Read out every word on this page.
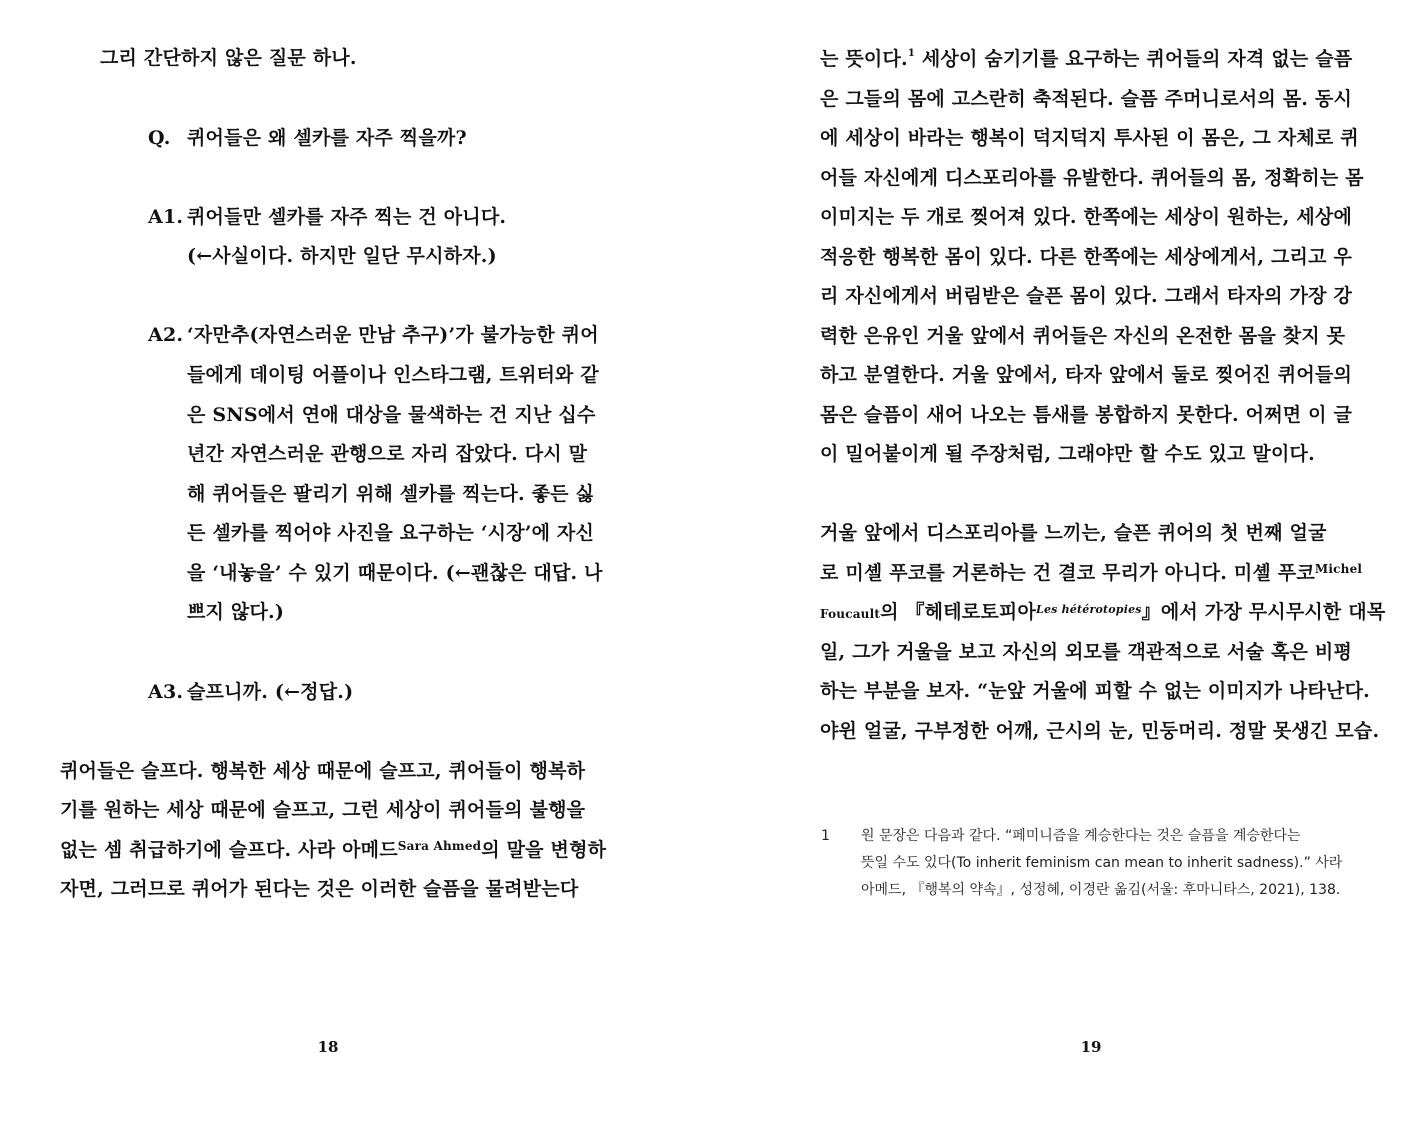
그리 간단하지 않은 질문 하나.
Q. 퀴어들은 왜 셀카를 자주 찍을까?
A1. 퀴어들만 셀카를 자주 찍는 건 아니다.
(←사실이다. 하지만 일단 무시하자.)
A2. ‘자만추(자연스러운 만남 추구)’가 불가능한 퀴어
들에게 데이팅 어플이나 인스타그램, 트위터와 같
은 SNS에서 연애 대상을 물색하는 건 지난 십수
년간 자연스러운 관행으로 자리 잡았다. 다시 말
해 퀴어들은 팔리기 위해 셀카를 찍는다. 좋든 싫
든 셀카를 찍어야 사진을 요구하는 ‘시장’에 자신
을 ‘내놓을’ 수 있기 때문이다. (←괜찮은 대답. 나
쁘지 않다.)
A3. 슬프니까. (←정답.)
퀴어들은 슬프다. 행복한 세상 때문에 슬프고, 퀴어들이 행복하
기를 원하는 세상 때문에 슬프고, 그런 세상이 퀴어들의 불행을
없는 셈 취급하기에 슬프다. 사라 아메드$^{Sara Ahmed}$의 말을 변형하
자면, 그러므로 퀴어가 된다는 것은 이러한 슬픔을 물려받는다
18
는 뜻이다.$^1$ 세상이 숨기기를 요구하는 퀴어들의 자격 없는 슬픔
은 그들의 몸에 고스란히 축적된다. 슬픔 주머니로서의 몸. 동시
에 세상이 바라는 행복이 덕지덕지 투사된 이 몸은, 그 자체로 퀴
어들 자신에게 디스포리아를 유발한다. 퀴어들의 몸, 정확히는 몸
이미지는 두 개로 찢어져 있다. 한쪽에는 세상이 원하는, 세상에
적응한 행복한 몸이 있다. 다른 한쪽에는 세상에게서, 그리고 우
리 자신에게서 버림받은 슬픈 몸이 있다. 그래서 타자의 가장 강
력한 은유인 거울 앞에서 퀴어들은 자신의 온전한 몸을 찾지 못
하고 분열한다. 거울 앞에서, 타자 앞에서 둘로 찢어진 퀴어들의
몸은 슬픔이 새어 나오는 틈새를 봉합하지 못한다. 어쩌면 이 글
이 밀어붙이게 될 주장처럼, 그래야만 할 수도 있고 말이다.
거울 앞에서 디스포리아를 느끼는, 슬픈 퀴어의 첫 번째 얼굴
로 미셸 푸코를 거론하는 건 결코 무리가 아니다. 미셸 푸코$^{Michel}$
Foucault의 『헤테로토피아$^{Les hétérotopies}$』에서 가장 무시무시한 대목
일, 그가 거울을 보고 자신의 외모를 객관적으로 서술 혹은 비평
하는 부분을 보자. “눈앞 거울에 피할 수 없는 이미지가 나타난다.
야윈 얼굴, 구부정한 어깨, 근시의 눈, 민둥머리. 정말 못생긴 모습.
1 원 문장은 다음과 같다. “페미니즘을 계승한다는 것은 슬픔을 계승한다는
뜻일 수도 있다(To inherit feminism can mean to inherit sadness).” 사라
아메드, 『행복의 약속』, 성정혜, 이경란 옮김(서울: 후마니타스, 2021), 138.
19
